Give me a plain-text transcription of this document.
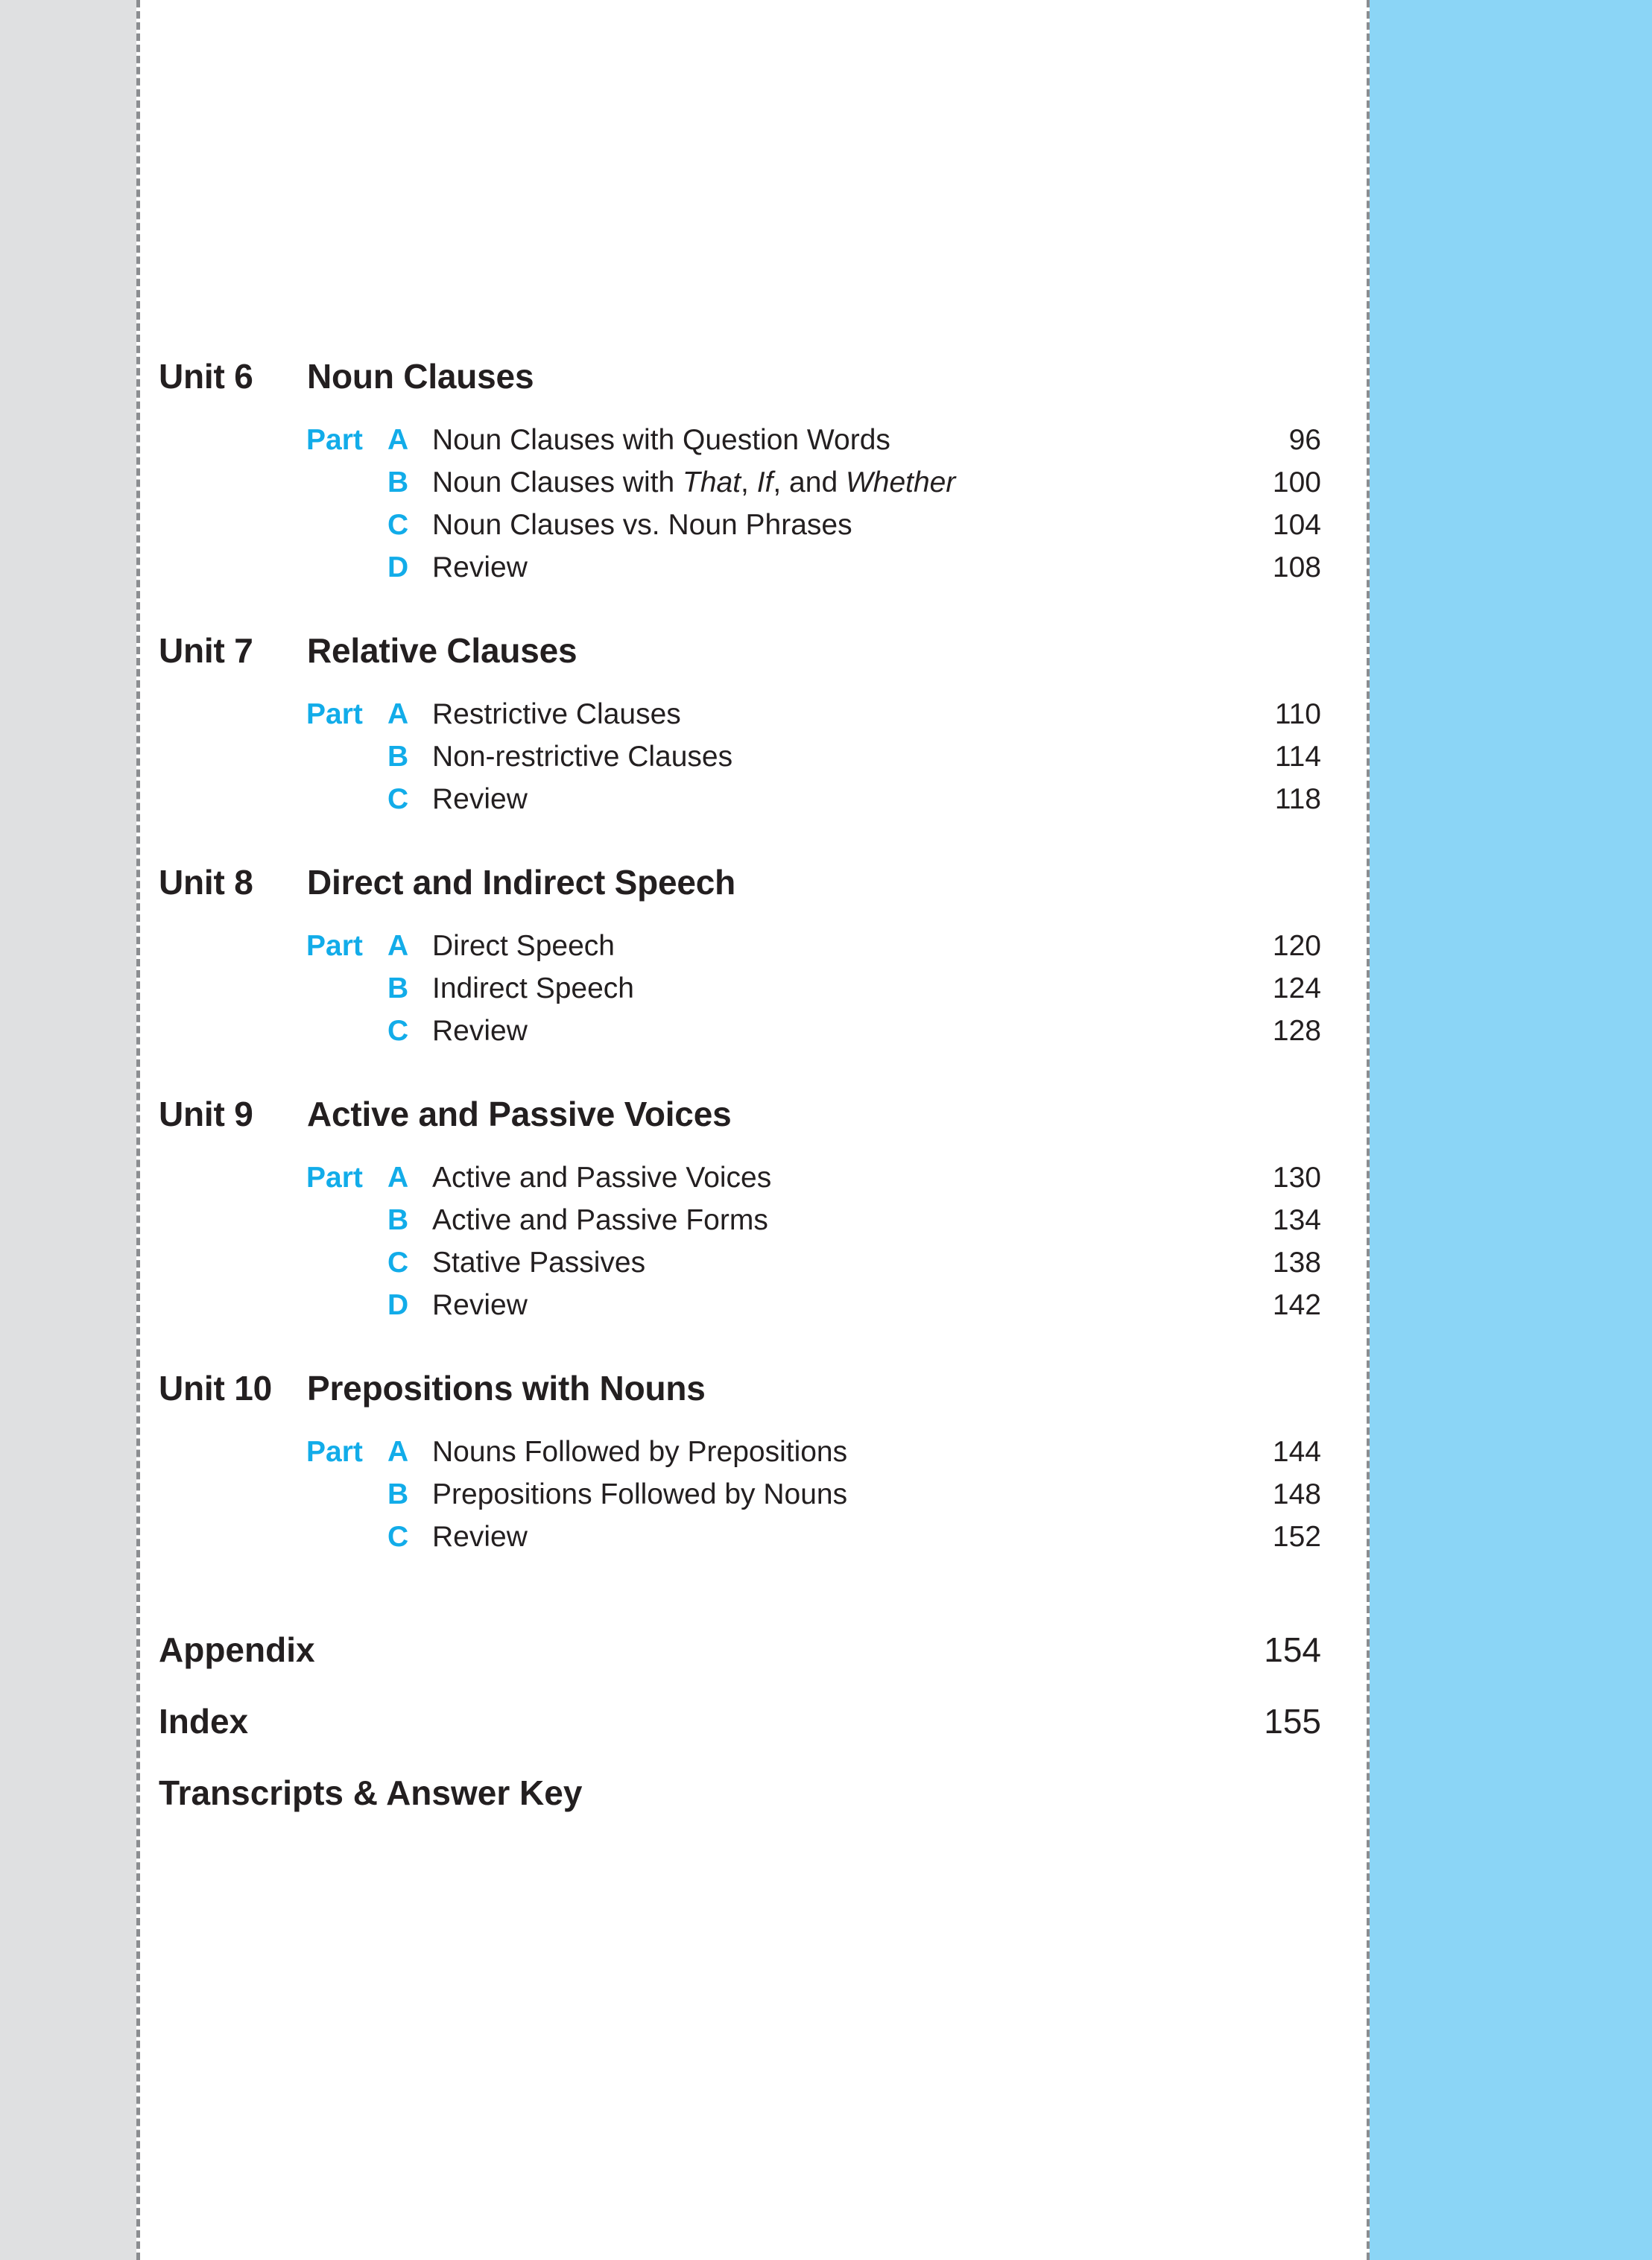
Unit 6	Noun Clauses
Part A Noun Clauses with Question Words	96
B Noun Clauses with That, If, and Whether	100
C Noun Clauses vs. Noun Phrases	104
D Review	108
Unit 7	Relative Clauses
Part A Restrictive Clauses	110
B Non-restrictive Clauses	114
C Review	118
Unit 8	Direct and Indirect Speech
Part A Direct Speech	120
B Indirect Speech	124
C Review	128
Unit 9	Active and Passive Voices
Part A Active and Passive Voices	130
B Active and Passive Forms	134
C Stative Passives	138
D Review	142
Unit 10	Prepositions with Nouns
Part A Nouns Followed by Prepositions	144
B Prepositions Followed by Nouns	148
C Review	152
Appendix	154
Index	155
Transcripts & Answer Key
